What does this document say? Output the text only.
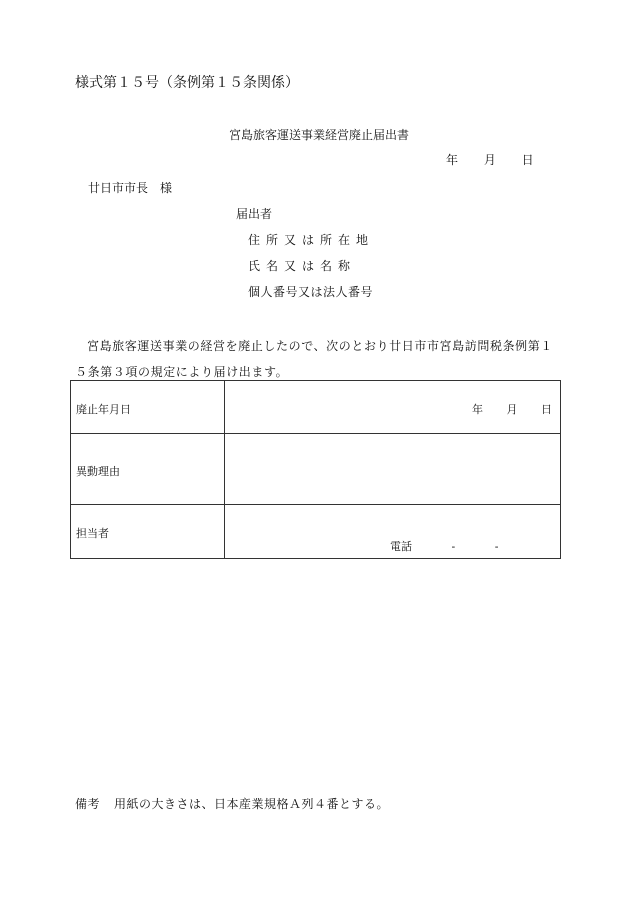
様式第１５号（条例第１５条関係）
宮島旅客運送事業経営廃止届出書
年 月 日
廿日市市長　様
届出者
住所又は所在地
氏名又は名称
個人番号又は法人番号
宮島旅客運送事業の経営を廃止したので、次のとおり廿日市市宮島訪問税条例第１５条第３項の規定により届け出ます。
廃止年月日	年 月 日

異動理由	

担当者	電話 - -
備考 用紙の大きさは、日本産業規格Ａ列４番とする。
